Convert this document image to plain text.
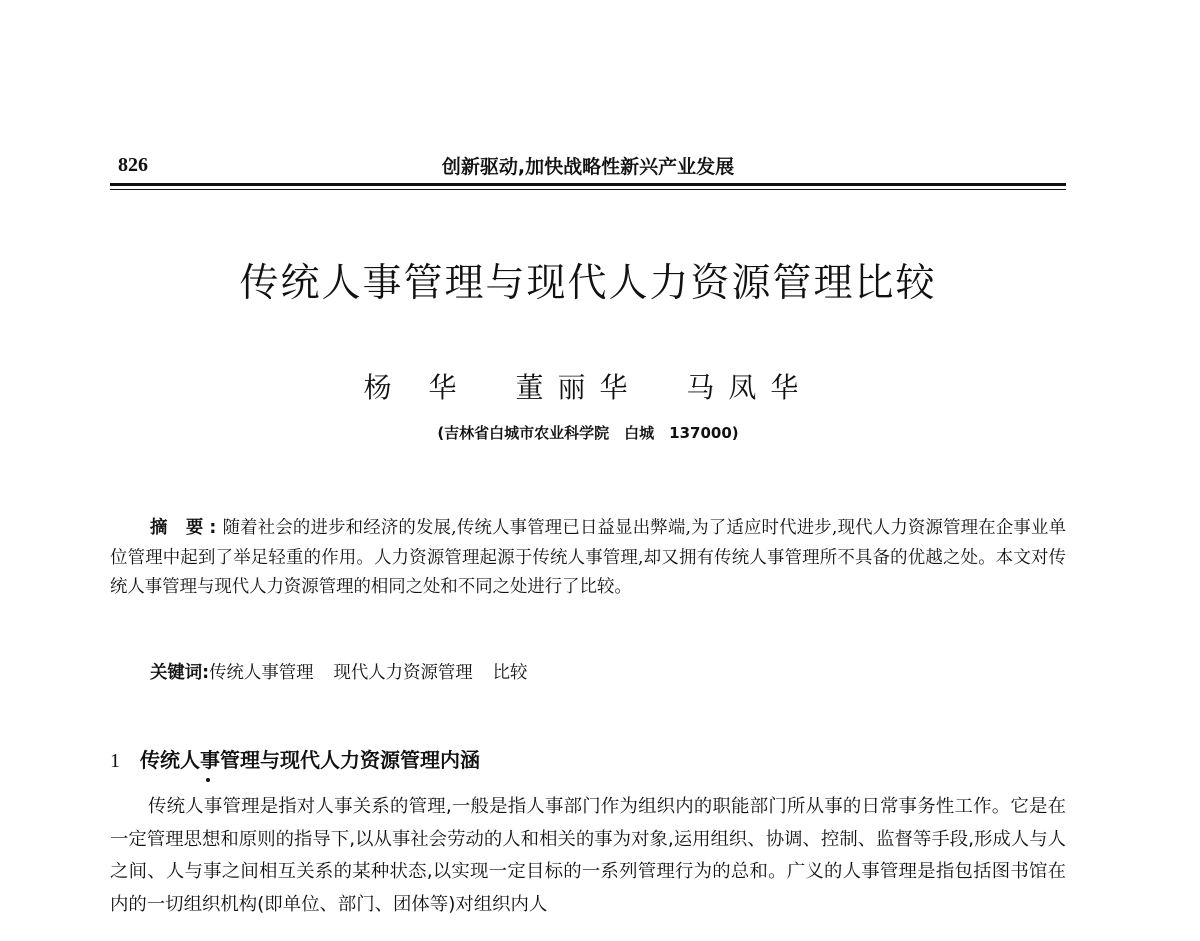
826	创新驱动,加快战略性新兴产业发展
传统人事管理与现代人力资源管理比较
杨 华 董丽华 马凤华
(吉林省白城市农业科学院　白城　137000)
摘 要:随着社会的进步和经济的发展,传统人事管理已日益显出弊端,为了适应时代进步,现代人力资源管理在企事业单位管理中起到了举足轻重的作用。人力资源管理起源于传统人事管理,却又拥有传统人事管理所不具备的优越之处。本文对传统人事管理与现代人力资源管理的相同之处和不同之处进行了比较。
关键词:传统人事管理 现代人力资源管理 比较
1 传统人事管理与现代人力资源管理内涵
传统人事管理是指对人事关系的管理,一般是指人事部门作为组织内的职能部门所从事的日常事务性工作。它是在一定管理思想和原则的指导下,以从事社会劳动的人和相关的事为对象,运用组织、协调、控制、监督等手段,形成人与人之间、人与事之间相互关系的某种状态,以实现一定目标的一系列管理行为的总和。广义的人事管理是指包括图书馆在内的一切组织机构(即单位、部门、团体等)对组织内人
